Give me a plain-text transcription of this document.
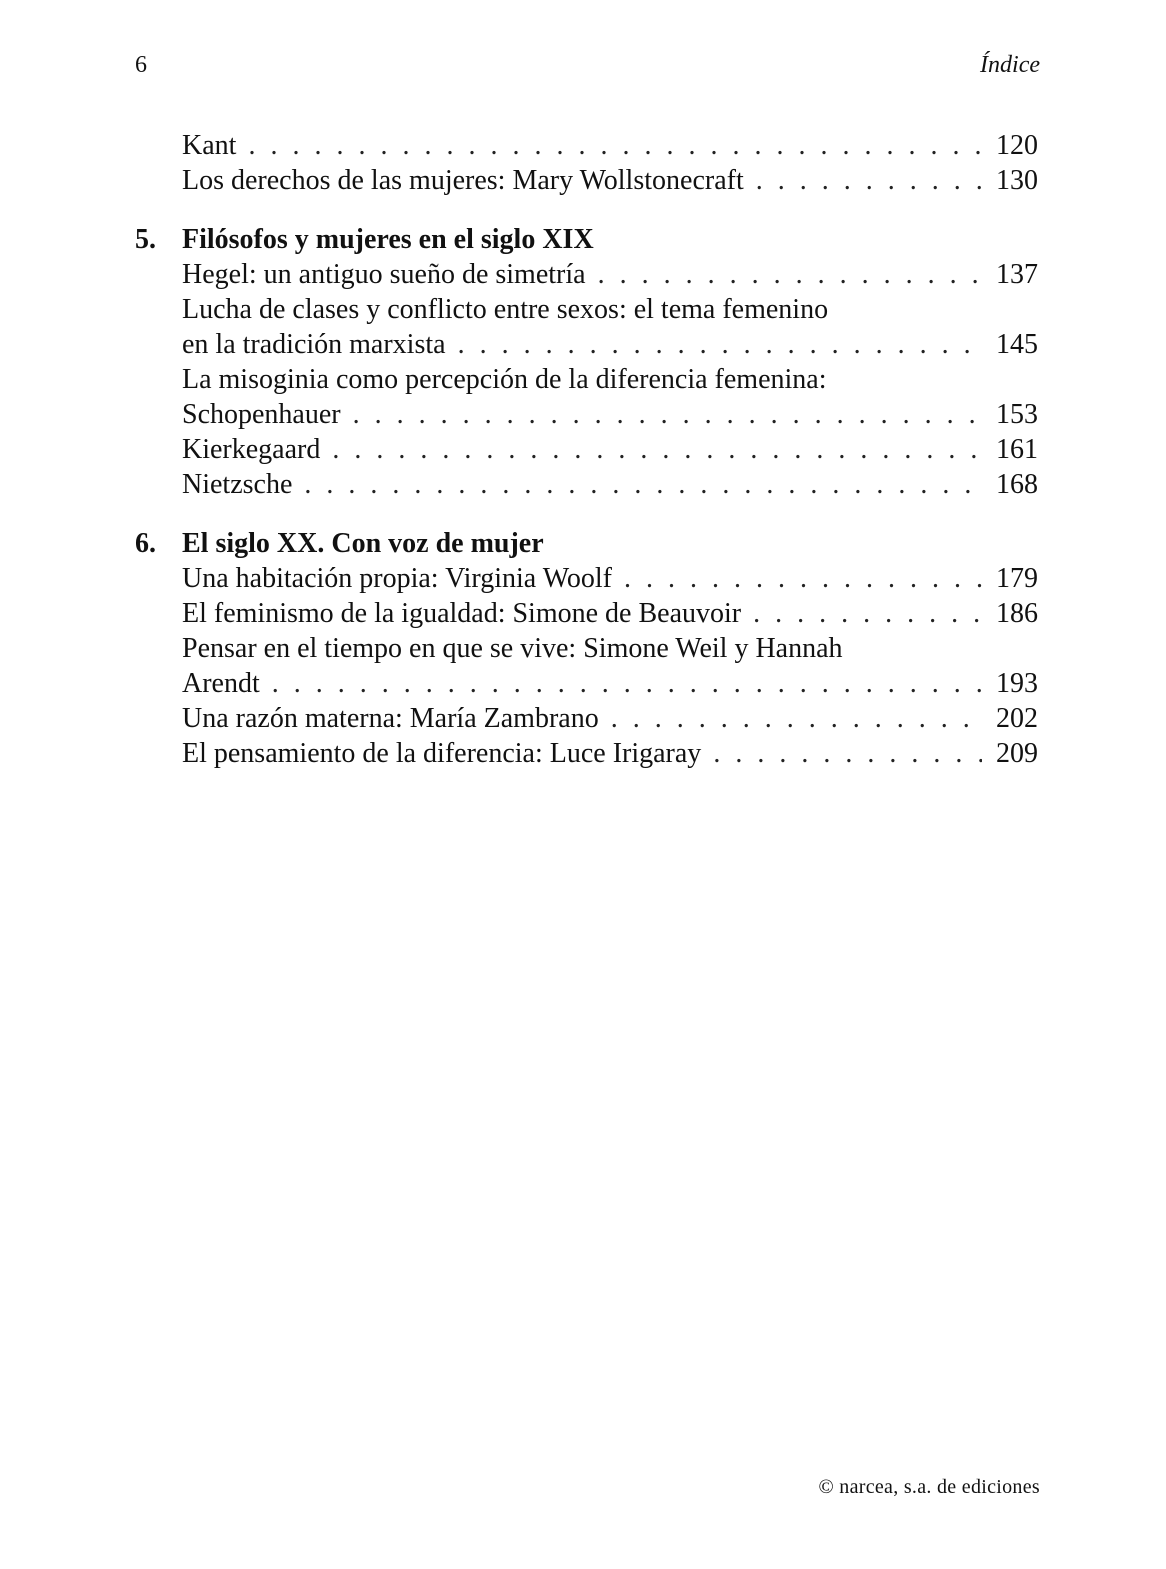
6	Índice
Kant . . .	120
Los derechos de las mujeres: Mary Wollstonecraft . . .	130
5. Filósofos y mujeres en el siglo XIX
Hegel: un antiguo sueño de simetría . . .	137
Lucha de clases y conflicto entre sexos: el tema femenino
en la tradición marxista . . .	145
La misoginia como percepción de la diferencia femenina:
Schopenhauer . . .	153
Kierkegaard . . .	161
Nietzsche . . .	168
6. El siglo XX. Con voz de mujer
Una habitación propia: Virginia Woolf . . .	179
El feminismo de la igualdad: Simone de Beauvoir . . .	186
Pensar en el tiempo en que se vive: Simone Weil y Hannah
Arendt . . .	193
Una razón materna: María Zambrano . . .	202
El pensamiento de la diferencia: Luce Irigaray . . .	209
© narcea, s.a. de ediciones
